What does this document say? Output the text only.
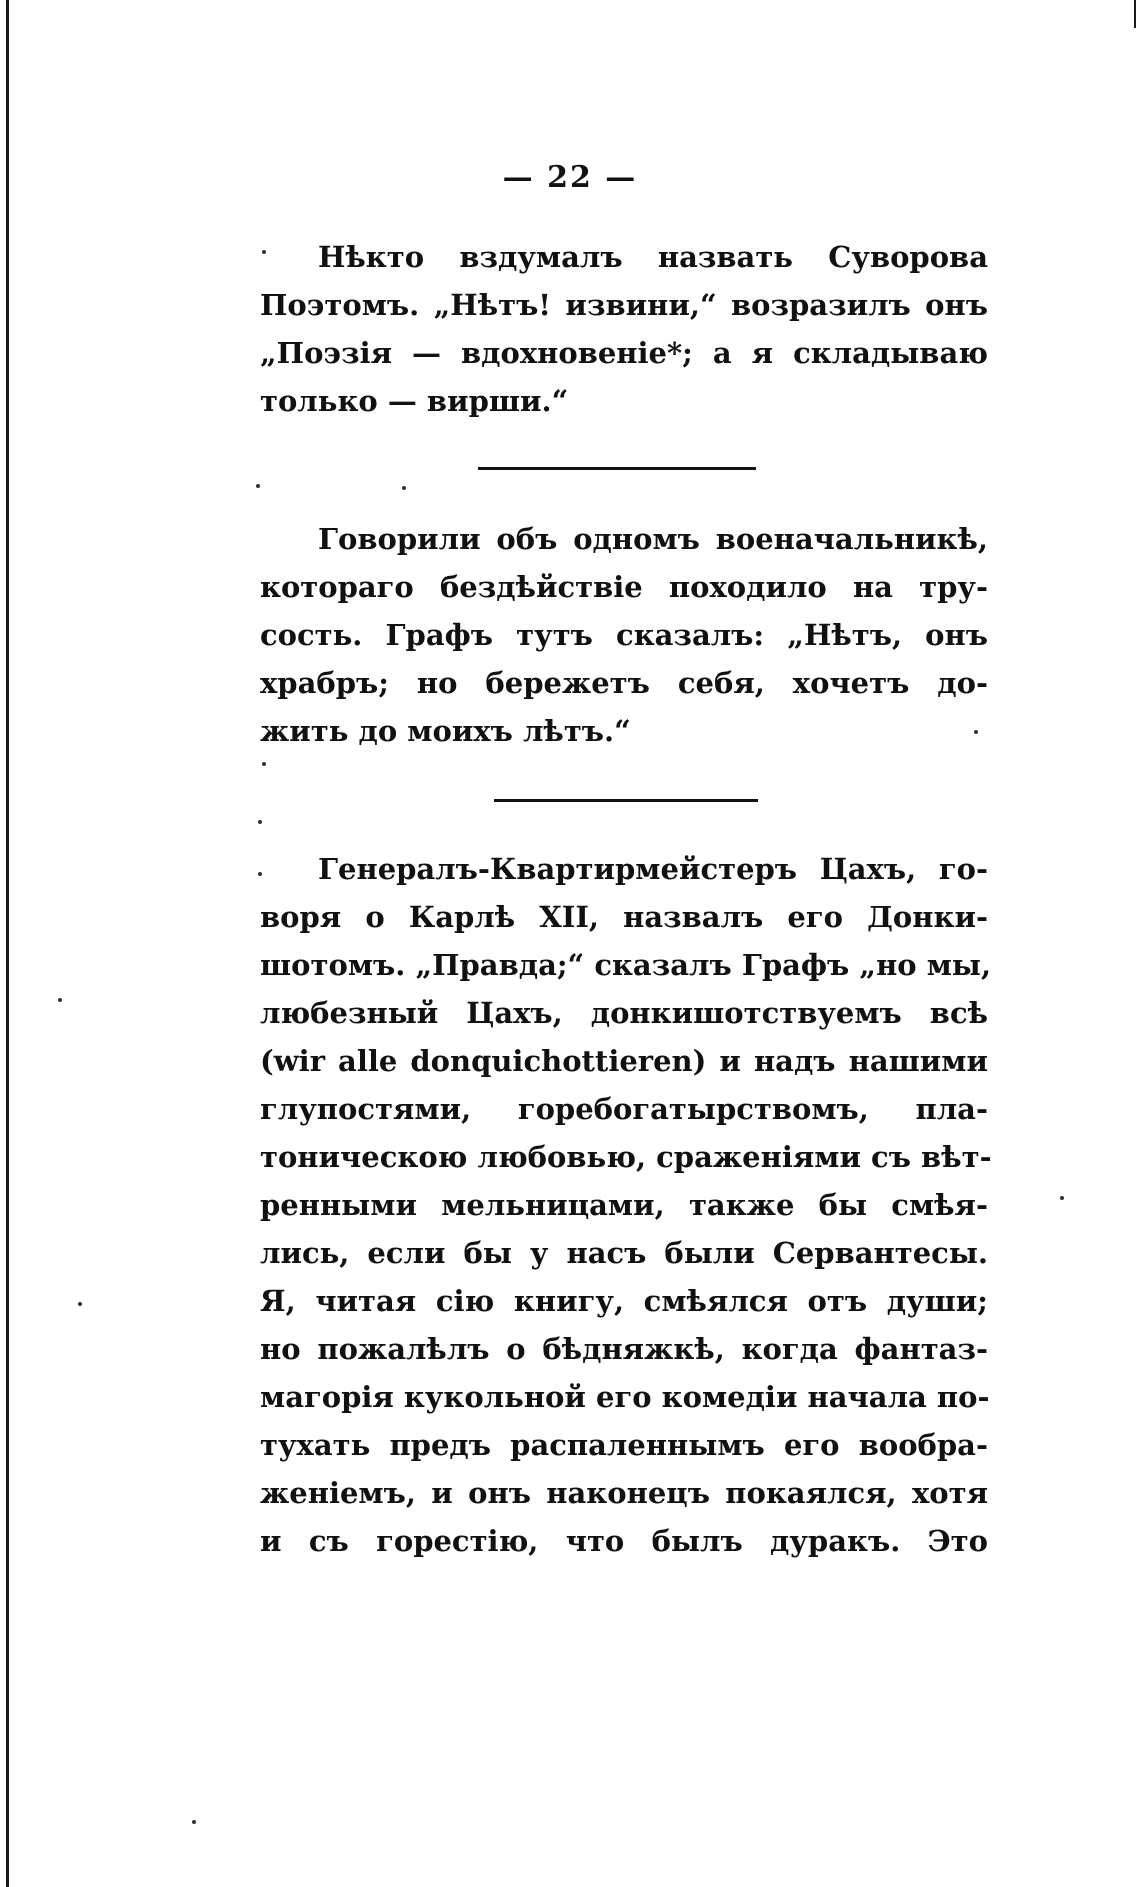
— 22 —

Нѣкто вздумалъ назвать Суворова
Поэтомъ. „Нѣтъ! извини,“ возразилъ онъ
„Поэзія — вдохновеніе*; а я складываю
только — вирши.“

Говорили объ одномъ военачальникѣ,
котораго бездѣйствіе походило на тру-
сость. Графъ тутъ сказалъ: „Нѣтъ, онъ
храбръ; но бережетъ себя, хочетъ до-
жить до моихъ лѣтъ.“

Генералъ-Квартирмейстеръ Цахъ, го-
воря о Карлѣ XII, назвалъ его Донки-
шотомъ. „Правда;“ сказалъ Графъ „но мы,
любезный Цахъ, донкишотствуемъ всѣ
(wir alle donquichottieren) и надъ нашими
глупостями, горебогатырствомъ, пла-
тоническою любовью, сраженіями съ вѣт-
ренными мельницами, также бы смѣя-
лись, если бы у насъ были Сервантесы.
Я, читая сію книгу, смѣялся отъ души;
но пожалѣлъ о бѣдняжкѣ, когда фантаз-
магорія кукольной его комедіи начала по-
тухать предъ распаленнымъ его вообра-
женіемъ, и онъ наконецъ покаялся, хотя
и съ горестію, что былъ дуракъ. Это
